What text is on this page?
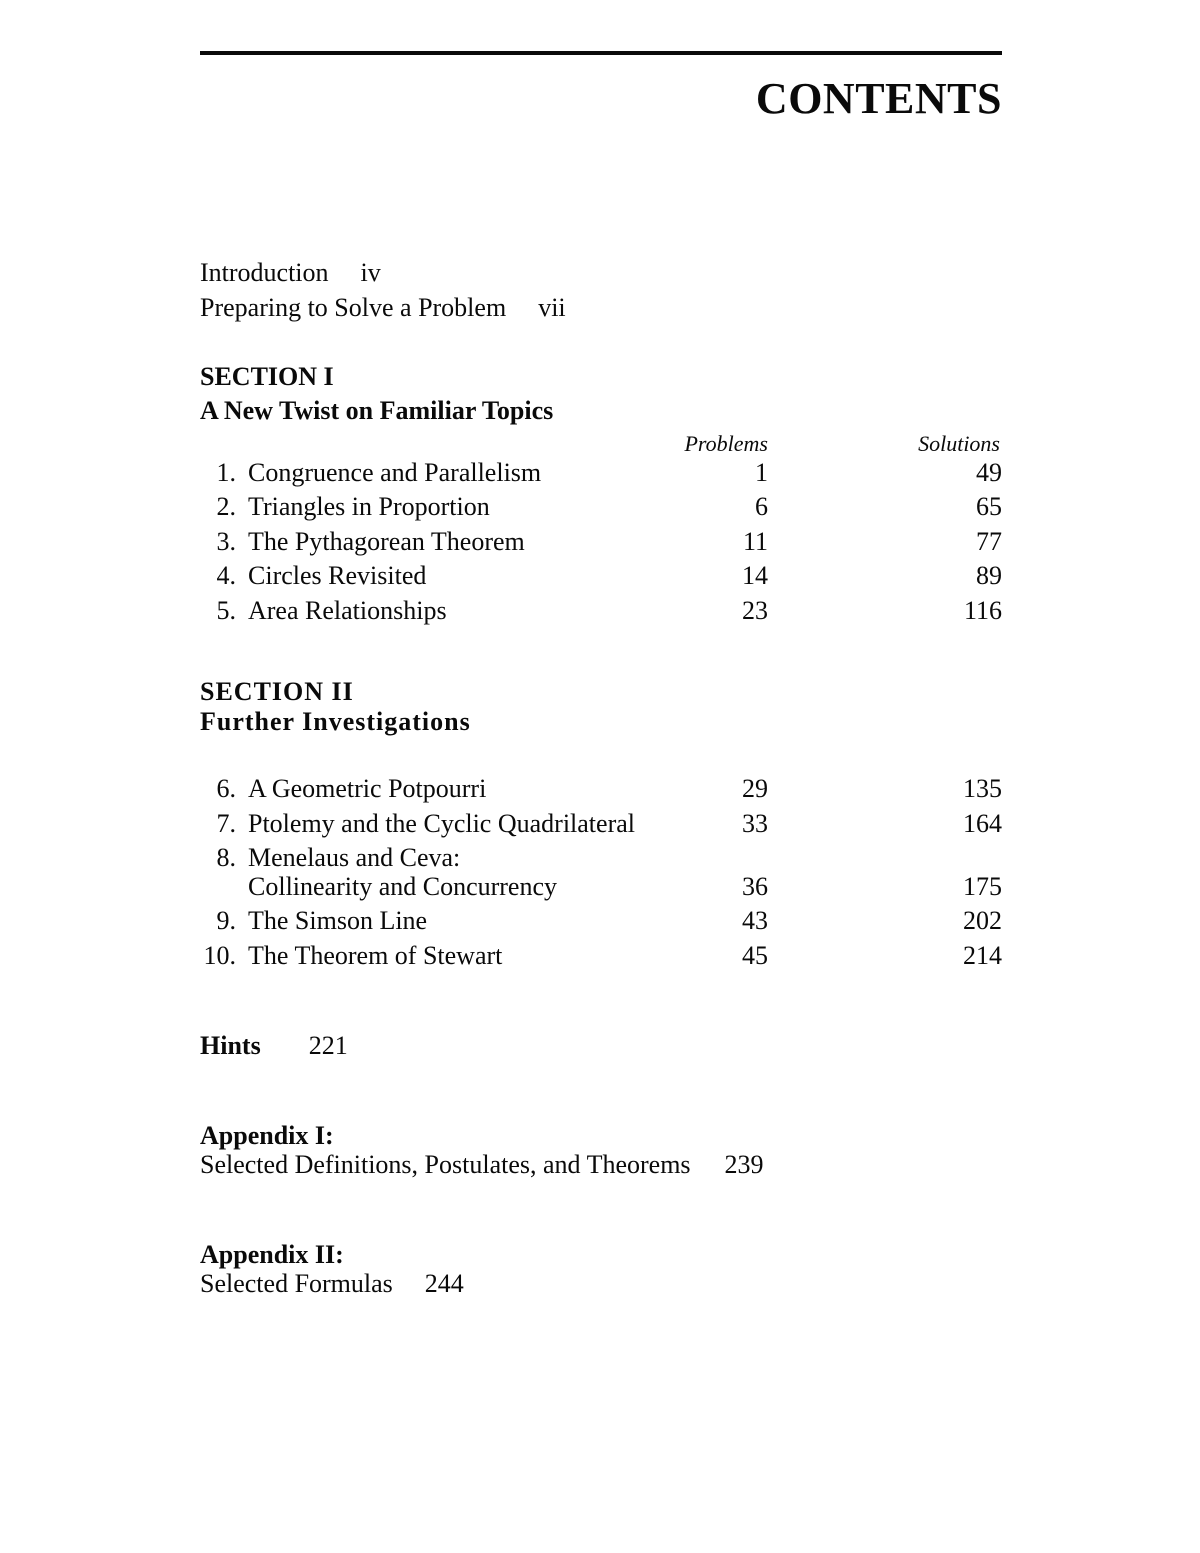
CONTENTS
Introduction iv
Preparing to Solve a Problem vii
SECTION I
A New Twist on Familiar Topics
Problems	Solutions
1. Congruence and Parallelism	1	49
2. Triangles in Proportion	6	65
3. The Pythagorean Theorem	11	77
4. Circles Revisited	14	89
5. Area Relationships	23	116
SECTION II
Further Investigations
6. A Geometric Potpourri	29	135
7. Ptolemy and the Cyclic Quadrilateral	33	164
8. Menelaus and Ceva:
Collinearity and Concurrency	36	175
9. The Simson Line	43	202
10. The Theorem of Stewart	45	214
Hints 221
Appendix I:
Selected Definitions, Postulates, and Theorems 239
Appendix II:
Selected Formulas 244
